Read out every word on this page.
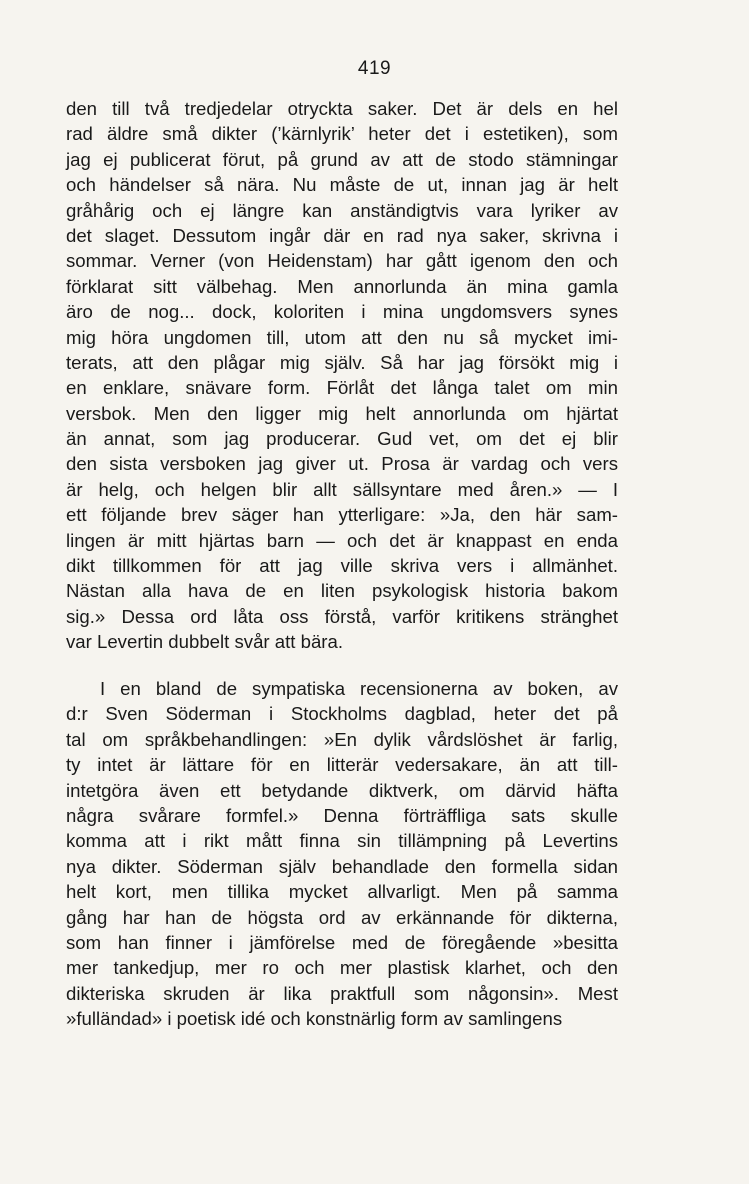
419
den till två tredjedelar otryckta saker. Det är dels en hel
rad äldre små dikter (’kärnlyrik’ heter det i estetiken), som
jag ej publicerat förut, på grund av att de stodo stämningar
och händelser så nära. Nu måste de ut, innan jag är helt
gråhårig och ej längre kan anständigtvis vara lyriker av
det slaget. Dessutom ingår där en rad nya saker, skrivna i
sommar. Verner (von Heidenstam) har gått igenom den och
förklarat sitt välbehag. Men annorlunda än mina gamla
äro de nog... dock, koloriten i mina ungdomsvers synes
mig höra ungdomen till, utom att den nu så mycket imi-
terats, att den plågar mig själv. Så har jag försökt mig i
en enklare, snävare form. Förlåt det långa talet om min
versbok. Men den ligger mig helt annorlunda om hjärtat
än annat, som jag producerar. Gud vet, om det ej blir
den sista versboken jag giver ut. Prosa är vardag och vers
är helg, och helgen blir allt sällsyntare med åren.» — I
ett följande brev säger han ytterligare: »Ja, den här sam-
lingen är mitt hjärtas barn — och det är knappast en enda
dikt tillkommen för att jag ville skriva vers i allmänhet.
Nästan alla hava de en liten psykologisk historia bakom
sig.» Dessa ord låta oss förstå, varför kritikens stränghet
var Levertin dubbelt svår att bära.
I en bland de sympatiska recensionerna av boken, av
d:r Sven Söderman i Stockholms dagblad, heter det på
tal om språkbehandlingen: »En dylik vårdslöshet är farlig,
ty intet är lättare för en litterär vedersakare, än att till-
intetgöra även ett betydande diktverk, om därvid häfta
några svårare formfel.» Denna förträffliga sats skulle
komma att i rikt mått finna sin tillämpning på Levertins
nya dikter. Söderman själv behandlade den formella sidan
helt kort, men tillika mycket allvarligt. Men på samma
gång har han de högsta ord av erkännande för dikterna,
som han finner i jämförelse med de föregående »besitta
mer tankedjup, mer ro och mer plastisk klarhet, och den
dikteriska skruden är lika praktfull som någonsin». Mest
»fulländad» i poetisk idé och konstnärlig form av samlingens
